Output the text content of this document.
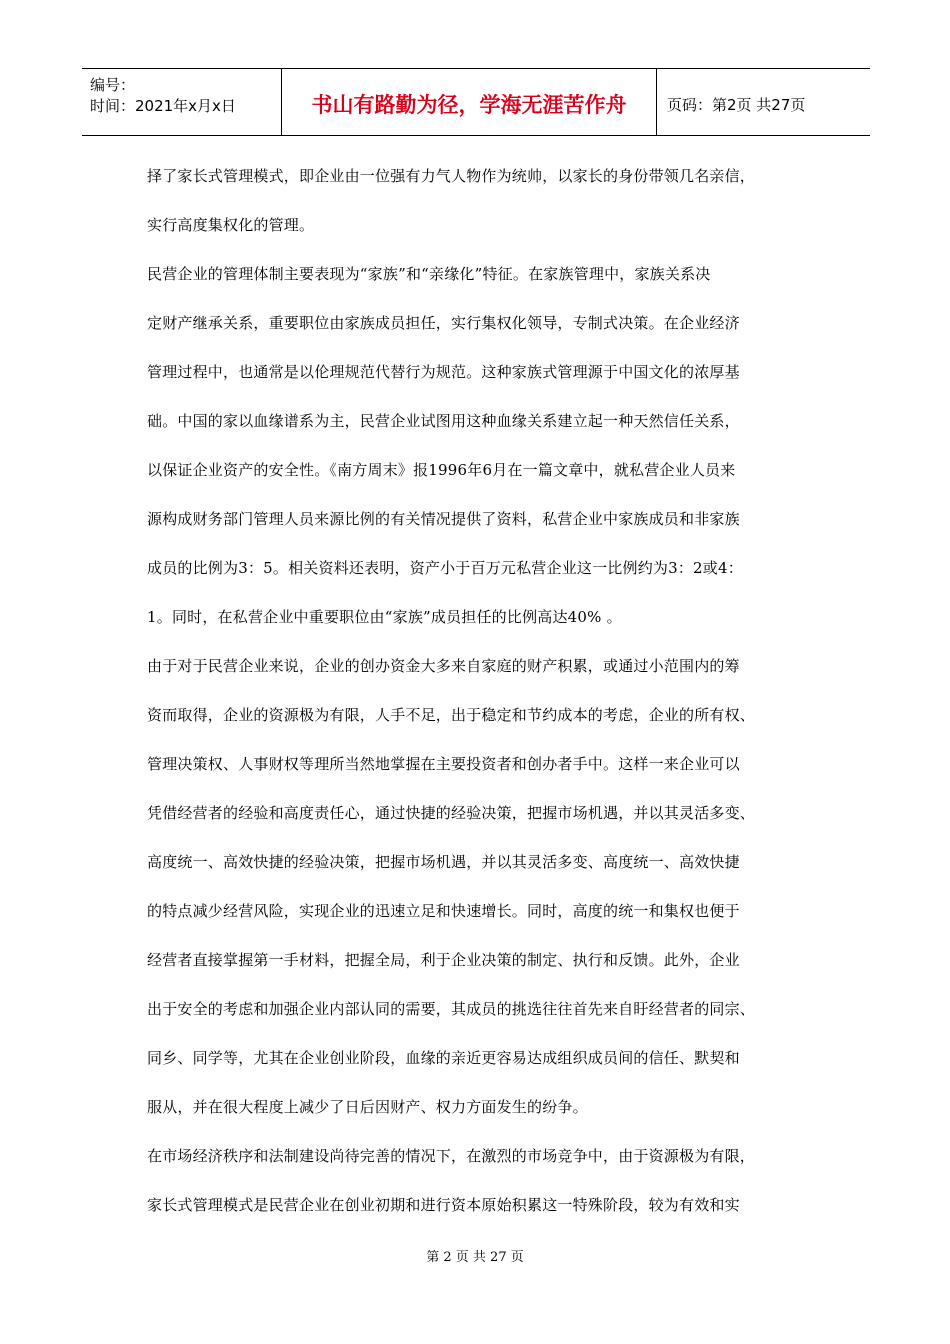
编号：
时间：2021年x月x日	书山有路勤为径，学海无涯苦作舟	页码：第2页 共27页
择了家长式管理模式，即企业由一位强有力气人物作为统帅，以家长的身份带领几名亲信，
实行高度集权化的管理。
民营企业的管理体制主要表现为“家族”和“亲缘化”特征。在家族管理中，家族关系决
定财产继承关系，重要职位由家族成员担任，实行集权化领导，专制式决策。在企业经济
管理过程中，也通常是以伦理规范代替行为规范。这种家族式管理源于中国文化的浓厚基
础。中国的家以血缘谱系为主，民营企业试图用这种血缘关系建立起一种天然信任关系，
以保证企业资产的安全性。《南方周末》报1996年6月在一篇文章中，就私营企业人员来
源构成财务部门管理人员来源比例的有关情况提供了资料，私营企业中家族成员和非家族
成员的比例为3：5。相关资料还表明，资产小于百万元私营企业这一比例约为3：2或4：
1。同时，在私营企业中重要职位由“家族”成员担任的比例高达40% 。
由于对于民营企业来说，企业的创办资金大多来自家庭的财产积累，或通过小范围内的筹
资而取得，企业的资源极为有限，人手不足，出于稳定和节约成本的考虑，企业的所有权、
管理决策权、人事财权等理所当然地掌握在主要投资者和创办者手中。这样一来企业可以
凭借经营者的经验和高度责任心，通过快捷的经验决策，把握市场机遇，并以其灵活多变、
高度统一、高效快捷的经验决策，把握市场机遇，并以其灵活多变、高度统一、高效快捷
的特点减少经营风险，实现企业的迅速立足和快速增长。同时，高度的统一和集权也便于
经营者直接掌握第一手材料，把握全局，利于企业决策的制定、执行和反馈。此外，企业
出于安全的考虑和加强企业内部认同的需要，其成员的挑选往往首先来自盱经营者的同宗、
同乡、同学等，尤其在企业创业阶段，血缘的亲近更容易达成组织成员间的信任、默契和
服从，并在很大程度上减少了日后因财产、权力方面发生的纷争。
在市场经济秩序和法制建设尚待完善的情况下，在激烈的市场竞争中，由于资源极为有限，
家长式管理模式是民营企业在创业初期和进行资本原始积累这一特殊阶段，较为有效和实
第 2 页 共 27 页
